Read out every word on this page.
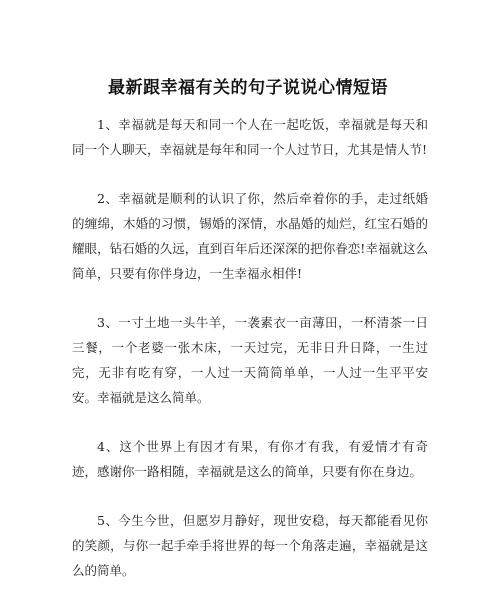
最新跟幸福有关的句子说说心情短语

1、幸福就是每天和同一个人在一起吃饭，幸福就是每天和同一个人聊天，幸福就是每年和同一个人过节日，尤其是情人节!

2、幸福就是顺利的认识了你，然后牵着你的手，走过纸婚的缠绵，木婚的习惯，锡婚的深情，水晶婚的灿烂，红宝石婚的耀眼，钻石婚的久远，直到百年后还深深的把你眷恋!幸福就这么简单，只要有你伴身边，一生幸福永相伴!

3、一寸土地一头牛羊，一袭素衣一亩薄田，一杯清茶一日三餐，一个老婆一张木床，一天过完，无非日升日降，一生过完，无非有吃有穿，一人过一天简简单单，一人过一生平平安安。幸福就是这么简单。

4、这个世界上有因才有果，有你才有我，有爱情才有奇迹，感谢你一路相随，幸福就是这么的简单，只要有你在身边。

5、今生今世，但愿岁月静好，现世安稳，每天都能看见你的笑颜，与你一起手牵手将世界的每一个角落走遍，幸福就是这么的简单。
